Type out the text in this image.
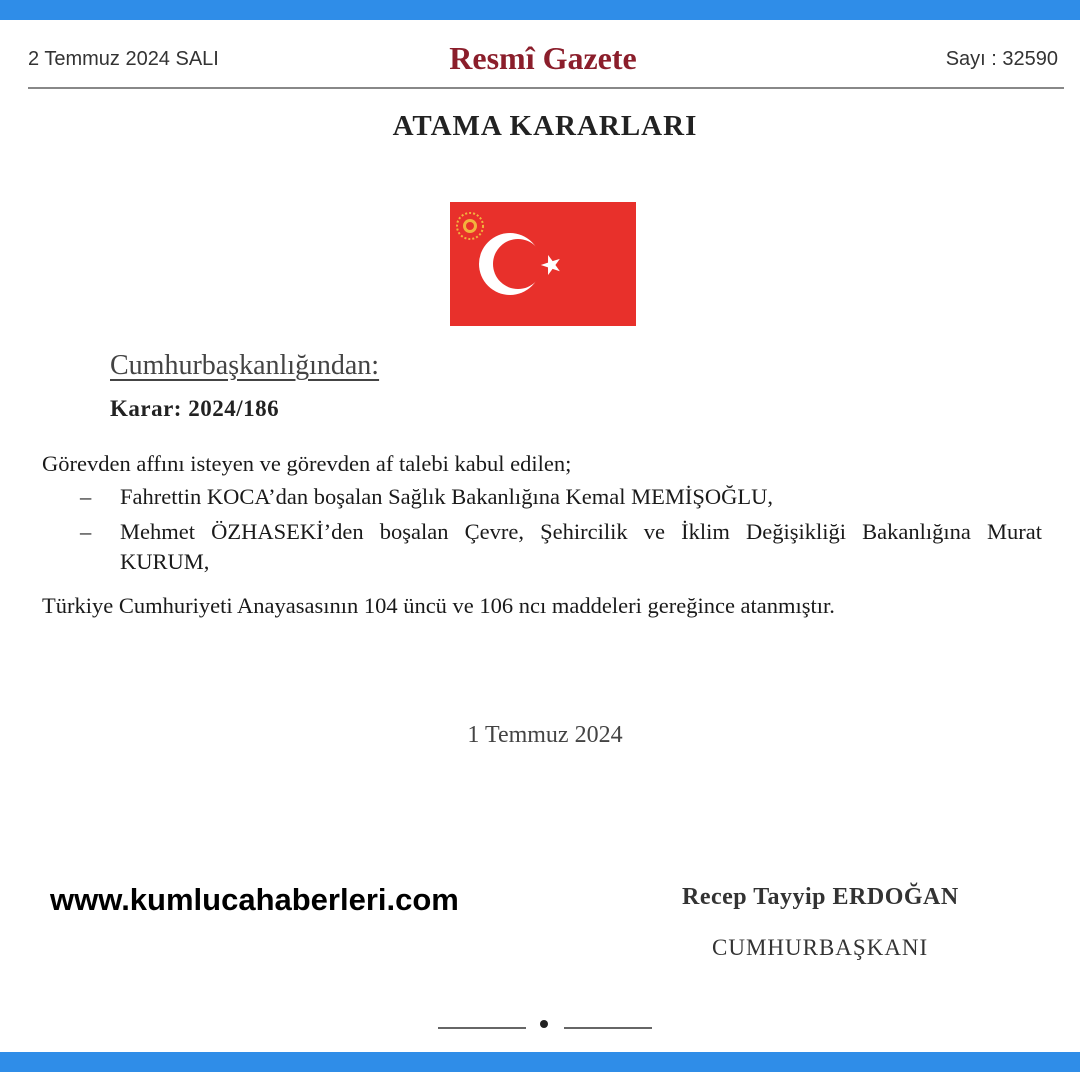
2 Temmuz 2024 SALI	Resmî Gazete	Sayı : 32590
ATAMA KARARLARI
Cumhurbaşkanlığından:
Karar: 2024/186
Görevden affını isteyen ve görevden af talebi kabul edilen;
– Fahrettin KOCA’dan boşalan Sağlık Bakanlığına Kemal MEMİŞOĞLU,
– Mehmet ÖZHASEKİ’den boşalan Çevre, Şehircilik ve İklim Değişikliği Bakanlığına Murat KURUM,
Türkiye Cumhuriyeti Anayasasının 104 üncü ve 106 ncı maddeleri gereğince atanmıştır.
1 Temmuz 2024
www.kumlucahaberleri.com	Recep Tayyip ERDOĞAN
CUMHURBAŞKANI
